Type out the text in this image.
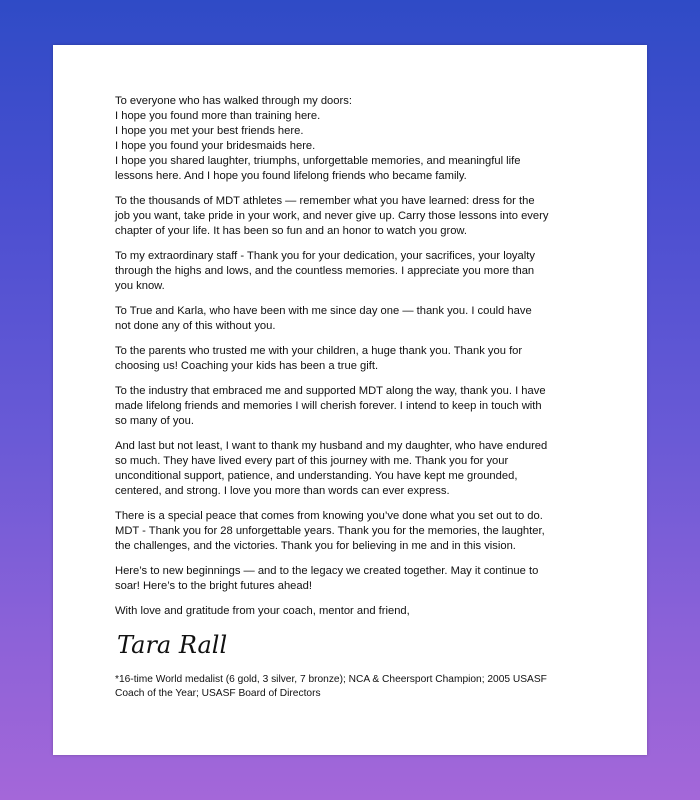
To everyone who has walked through my doors:
I hope you found more than training here.
I hope you met your best friends here.
I hope you found your bridesmaids here.
I hope you shared laughter, triumphs, unforgettable memories, and meaningful life
lessons here. And I hope you found lifelong friends who became family.

To the thousands of MDT athletes — remember what you have learned: dress for the
job you want, take pride in your work, and never give up. Carry those lessons into every
chapter of your life. It has been so fun and an honor to watch you grow.

To my extraordinary staff - Thank you for your dedication, your sacrifices, your loyalty
through the highs and lows, and the countless memories. I appreciate you more than
you know.

To True and Karla, who have been with me since day one — thank you. I could have
not done any of this without you.

To the parents who trusted me with your children, a huge thank you. Thank you for
choosing us! Coaching your kids has been a true gift.

To the industry that embraced me and supported MDT along the way, thank you. I have
made lifelong friends and memories I will cherish forever. I intend to keep in touch with
so many of you.

And last but not least, I want to thank my husband and my daughter, who have endured
so much. They have lived every part of this journey with me. Thank you for your
unconditional support, patience, and understanding. You have kept me grounded,
centered, and strong. I love you more than words can ever express.

There is a special peace that comes from knowing you’ve done what you set out to do.
MDT - Thank you for 28 unforgettable years. Thank you for the memories, the laughter,
the challenges, and the victories. Thank you for believing in me and in this vision.

Here’s to new beginnings — and to the legacy we created together. May it continue to
soar! Here’s to the bright futures ahead!

With love and gratitude from your coach, mentor and friend,

Tara Rall
*16-time World medalist (6 gold, 3 silver, 7 bronze); NCA & Cheersport Champion; 2005 USASF
Coach of the Year; USASF Board of Directors
